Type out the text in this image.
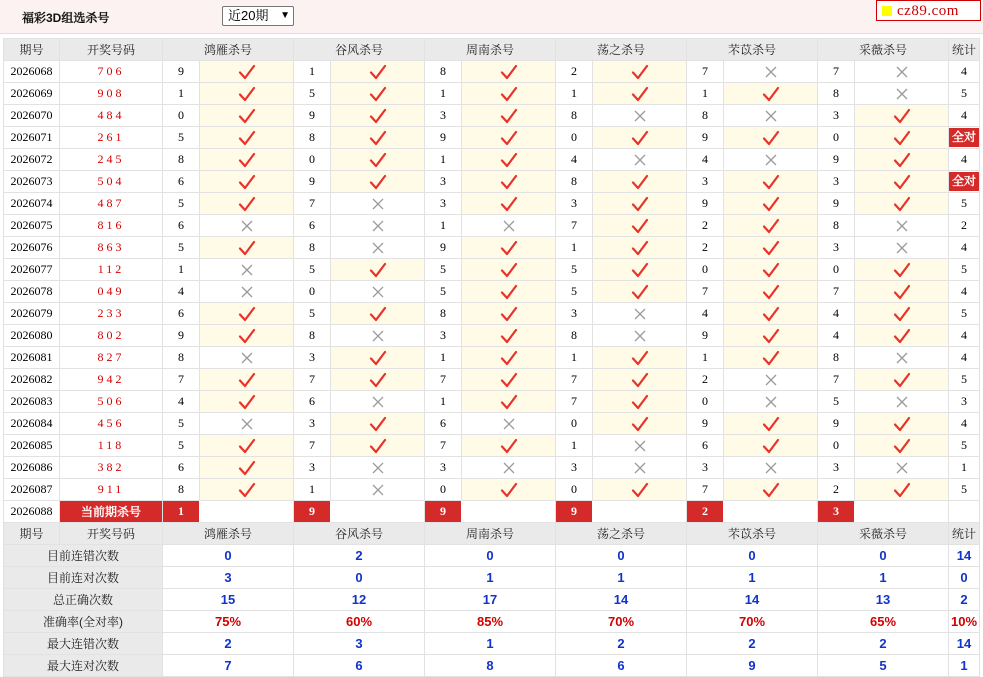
福彩3D组选杀号	近20期 ▼	cz89.com
期号	开奖号码	鸿雁杀号		谷风杀号		周南杀号		荡之杀号		芣苡杀号		采薇杀号		统计
2026068	706	9		1		8		2		7		7		4
2026069	908	1		5		1		1		1		8		5
2026070	484	0		9		3		8		8		3		4
2026071	261	5		8		9		0		9		0		全对

2026072	245	8		0		1		4		4		9		4
2026073	504	6		9		3		8		3		3		全对

2026074	487	5		7		3		3		9		9		5
2026075	816	6		6		1		7		2		8		2
2026076	863	5		8		9		1		2		3		4
2026077	112	1		5		5		5		0		0		5
2026078	049	4		0		5		5		7		7		4
2026079	233	6		5		8		3		4		4		5
2026080	802	9		8		3		8		9		4		4
2026081	827	8		3		1		1		1		8		4
2026082	942	7		7		7		7		2		7		5
2026083	506	4		6		1		7		0		5		3
2026084	456	5		3		6		0		9		9		4
2026085	118	5		7		7		1		6		0		5
2026086	382	6		3		3		3		3		3		1
2026087	911	8		1		0		0		7		2		5
2026088	当前期杀号	1		9		9		9		2		3		

期号	开奖号码	鸿雁杀号		谷风杀号		周南杀号		荡之杀号		芣苡杀号		采薇杀号		统计
目前连错次数		0		2		0		0		0		0		14
目前连对次数		3		0		1		1		1		1		0
总正确次数		15		12		17		14		14		13		2
准确率(全对率)		75%		60%		85%		70%		70%		65%		10%
最大连错次数		2		3		1		2		2		2		14
最大连对次数		7		6		8		6		9		5		1
